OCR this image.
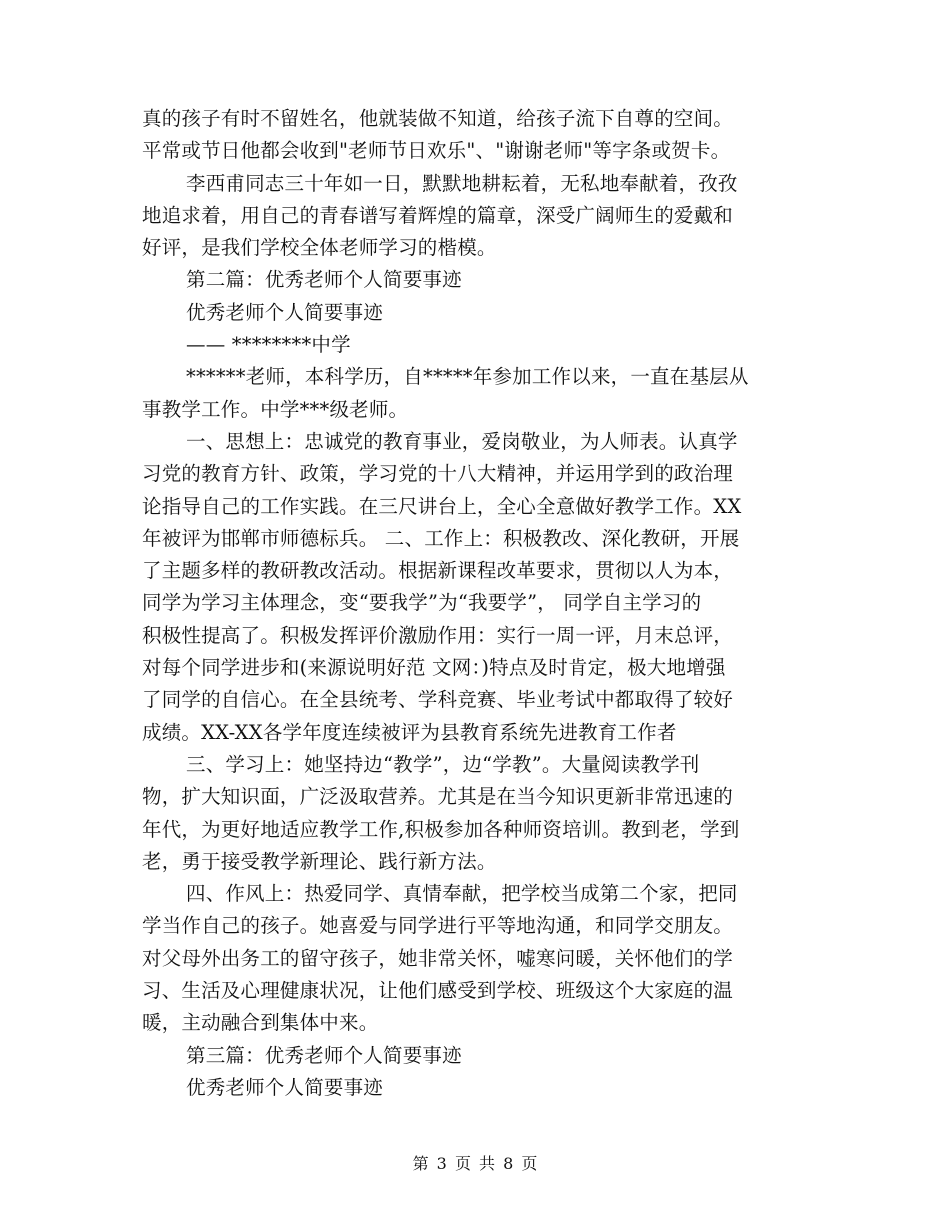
真的孩子有时不留姓名，他就装做不知道，给孩子流下自尊的空间。
平常或节日他都会收到"老师节日欢乐"、"谢谢老师"等字条或贺卡。
李西甫同志三十年如一日，默默地耕耘着，无私地奉献着，孜孜
地追求着，用自己的青春谱写着辉煌的篇章，深受广阔师生的爱戴和
好评，是我们学校全体老师学习的楷模。
第二篇：优秀老师个人简要事迹
优秀老师个人简要事迹
—— ********中学
******老师，本科学历，自*****年参加工作以来，一直在基层从
事教学工作。中学***级老师。
一、思想上：忠诚党的教育事业，爱岗敬业，为人师表。认真学
习党的教育方针、政策，学习党的十八大精神，并运用学到的政治理
论指导自己的工作实践。在三尺讲台上，全心全意做好教学工作。XX
年被评为邯郸市师德标兵。 二、工作上：积极教改、深化教研，开展
了主题多样的教研教改活动。根据新课程改革要求，贯彻以人为本，
同学为学习主体理念，变“要我学”为“我要学”， 同学自主学习的
积极性提高了。积极发挥评价激励作用：实行一周一评，月末总评，
对每个同学进步和(来源说明好范 文网：)特点及时肯定，极大地增强
了同学的自信心。在全县统考、学科竞赛、毕业考试中都取得了较好
成绩。XX-XX各学年度连续被评为县教育系统先进教育工作者
三、学习上：她坚持边“教学”，边“学教”。大量阅读教学刊
物，扩大知识面，广泛汲取营养。尤其是在当今知识更新非常迅速的
年代，为更好地适应教学工作,积极参加各种师资培训。教到老，学到
老，勇于接受教学新理论、践行新方法。
四、作风上：热爱同学、真情奉献，把学校当成第二个家，把同
学当作自己的孩子。她喜爱与同学进行平等地沟通，和同学交朋友。
对父母外出务工的留守孩子，她非常关怀，嘘寒问暖，关怀他们的学
习、生活及心理健康状况，让他们感受到学校、班级这个大家庭的温
暖，主动融合到集体中来。
第三篇：优秀老师个人简要事迹
优秀老师个人简要事迹
第 3 页 共 8 页
